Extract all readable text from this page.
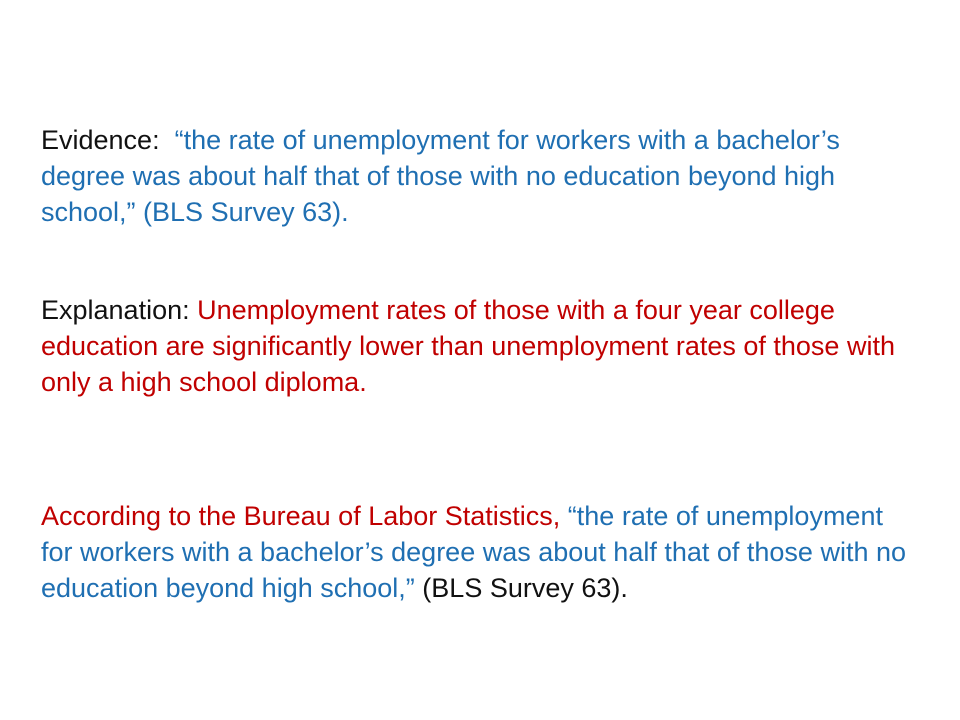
Evidence: “the rate of unemployment for workers with a bachelor’s degree was about half that of those with no education beyond high school,” (BLS Survey 63).

Explanation: Unemployment rates of those with a four year college education are significantly lower than unemployment rates of those with only a high school diploma.

According to the Bureau of Labor Statistics, “the rate of unemployment for workers with a bachelor’s degree was about half that of those with no education beyond high school,” (BLS Survey 63).
